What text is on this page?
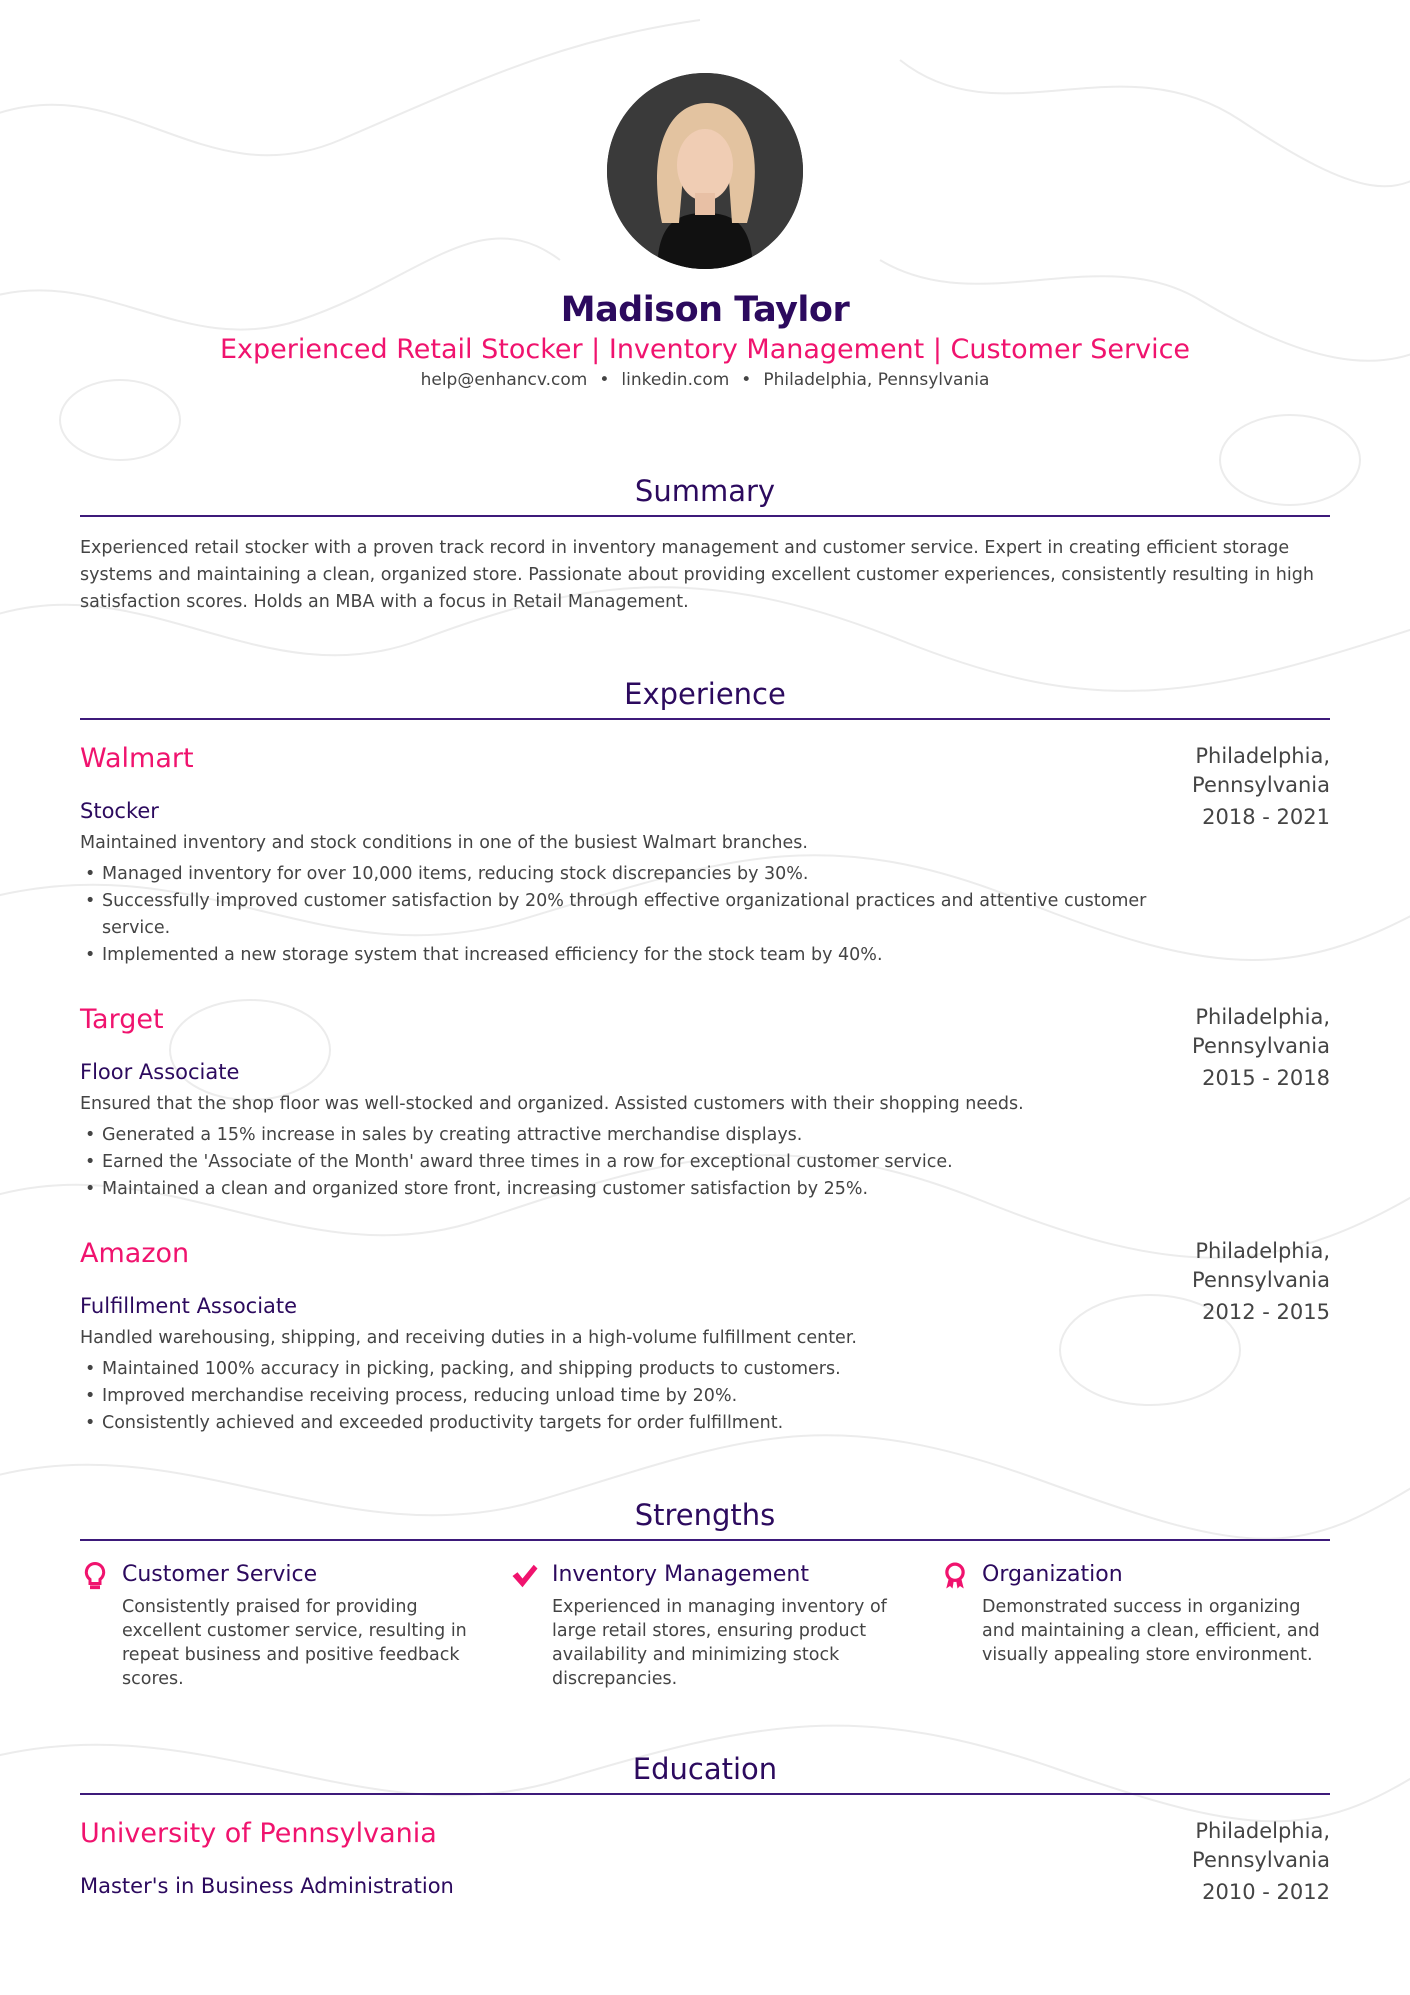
Madison Taylor
Experienced Retail Stocker | Inventory Management | Customer Service
help@enhancv.com • linkedin.com • Philadelphia, Pennsylvania
Summary
Experienced retail stocker with a proven track record in inventory management and customer service. Expert in creating efficient storage systems and maintaining a clean, organized store. Passionate about providing excellent customer experiences, consistently resulting in high satisfaction scores. Holds an MBA with a focus in Retail Management.
Experience
Walmart
Stocker
Maintained inventory and stock conditions in one of the busiest Walmart branches.
• Managed inventory for over 10,000 items, reducing stock discrepancies by 30%.
• Successfully improved customer satisfaction by 20% through effective organizational practices and attentive customer service.
• Implemented a new storage system that increased efficiency for the stock team by 40%.
Philadelphia,
Pennsylvania
2018 - 2021
Target
Floor Associate
Ensured that the shop floor was well-stocked and organized. Assisted customers with their shopping needs.
• Generated a 15% increase in sales by creating attractive merchandise displays.
• Earned the 'Associate of the Month' award three times in a row for exceptional customer service.
• Maintained a clean and organized store front, increasing customer satisfaction by 25%.
Philadelphia,
Pennsylvania
2015 - 2018
Amazon
Fulfillment Associate
Handled warehousing, shipping, and receiving duties in a high-volume fulfillment center.
• Maintained 100% accuracy in picking, packing, and shipping products to customers.
• Improved merchandise receiving process, reducing unload time by 20%.
• Consistently achieved and exceeded productivity targets for order fulfillment.
Philadelphia,
Pennsylvania
2012 - 2015
Strengths
Customer Service
Consistently praised for providing excellent customer service, resulting in repeat business and positive feedback scores.
Inventory Management
Experienced in managing inventory of large retail stores, ensuring product availability and minimizing stock discrepancies.
Organization
Demonstrated success in organizing and maintaining a clean, efficient, and visually appealing store environment.
Education
University of Pennsylvania
Master's in Business Administration
Philadelphia,
Pennsylvania
2010 - 2012
